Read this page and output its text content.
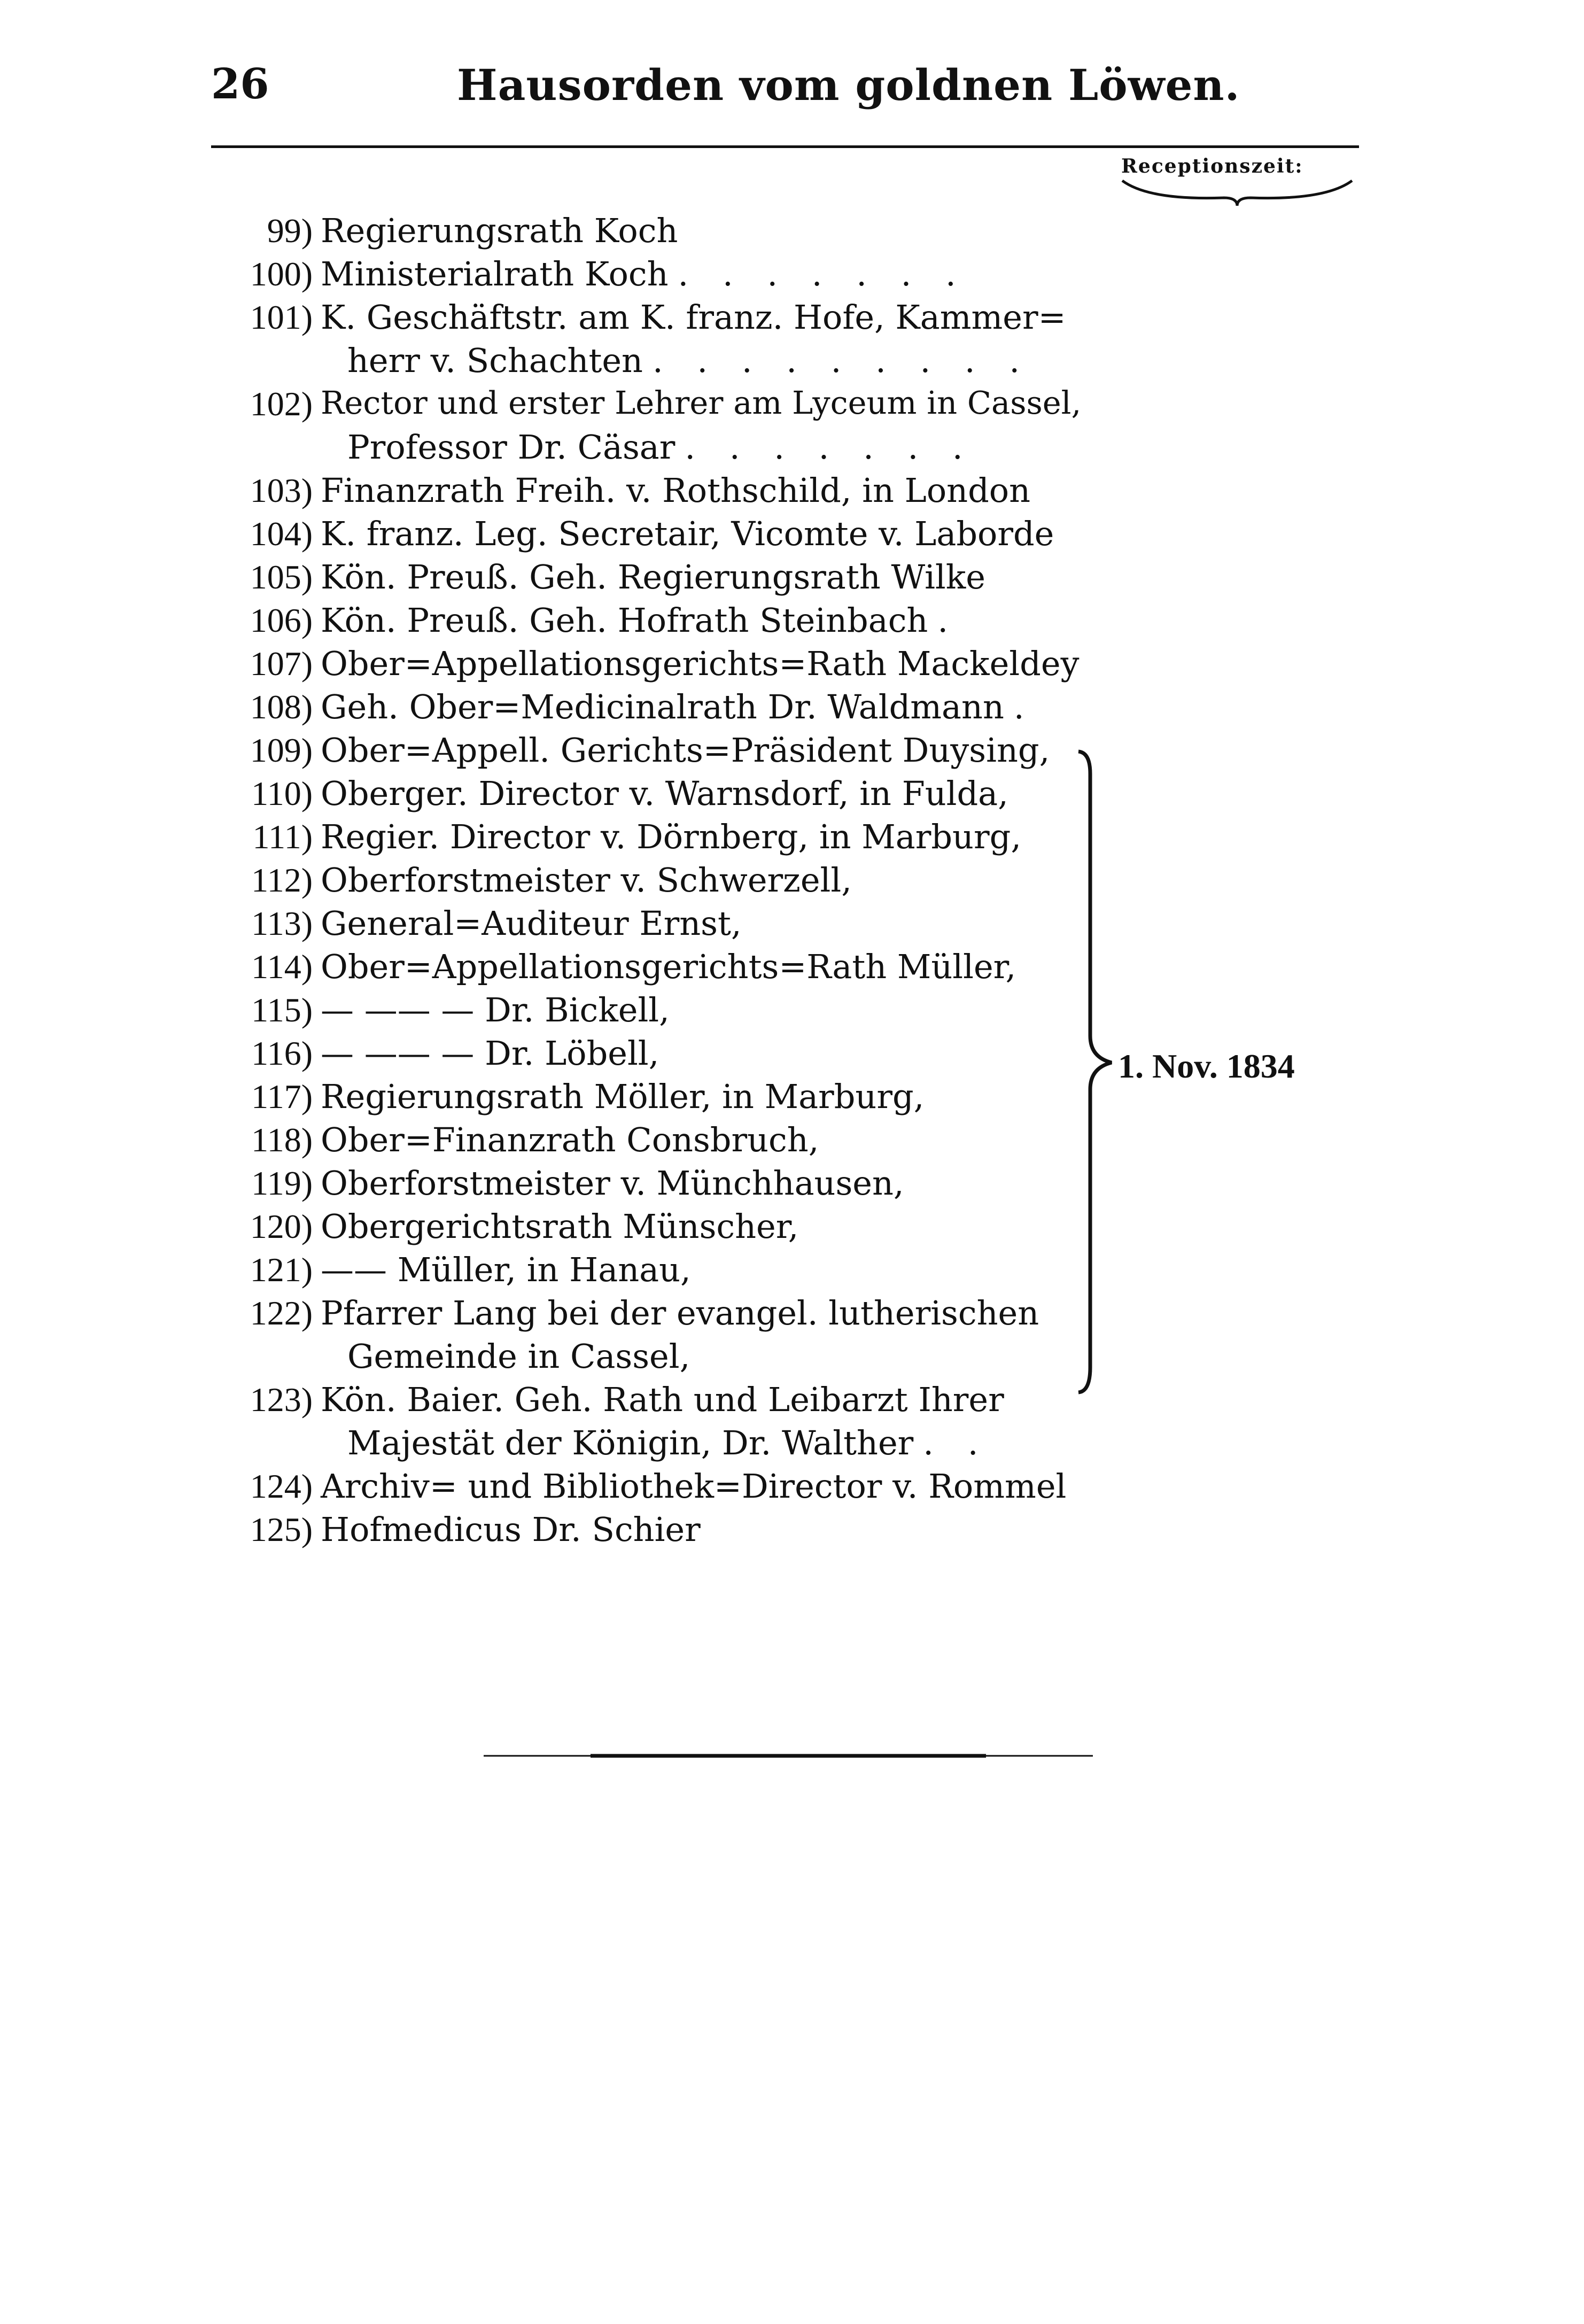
26	Hausorden vom goldnen Löwen.
Receptionszeit:
99) Regierungsrath Koch
100) Ministerialrath Koch . . . . . . .
101) K. Geschäftstr. am K. franz. Hofe, Kammer=
herr v. Schachten . . . . . . . . .
102) Rector und erster Lehrer am Lyceum in Cassel,
Professor Dr. Cäsar . . . . . . .
103) Finanzrath Freih. v. Rothschild, in London
104) K. franz. Leg. Secretair, Vicomte v. Laborde
105) Kön. Preuß. Geh. Regierungsrath Wilke
106) Kön. Preuß. Geh. Hofrath Steinbach .
107) Ober=Appellationsgerichts=Rath Mackeldey
108) Geh. Ober=Medicinalrath Dr. Waldmann .
109) Ober=Appell. Gerichts=Präsident Duysing,
110) Oberger. Director v. Warnsdorf, in Fulda,
111) Regier. Director v. Dörnberg, in Marburg,
112) Oberforstmeister v. Schwerzell,
113) General=Auditeur Ernst,
114) Ober=Appellationsgerichts=Rath Müller,
115) — —— — Dr. Bickell,
116) — —— — Dr. Löbell,
117) Regierungsrath Möller, in Marburg,
118) Ober=Finanzrath Consbruch,
119) Oberforstmeister v. Münchhausen,
120) Obergerichtsrath Münscher,
121) —— Müller, in Hanau,
122) Pfarrer Lang bei der evangel. lutherischen
Gemeinde in Cassel,
123) Kön. Baier. Geh. Rath und Leibarzt Ihrer
Majestät der Königin, Dr. Walther . .
124) Archiv= und Bibliothek=Director v. Rommel
125) Hofmedicus Dr. Schier
1. Nov. 1834
